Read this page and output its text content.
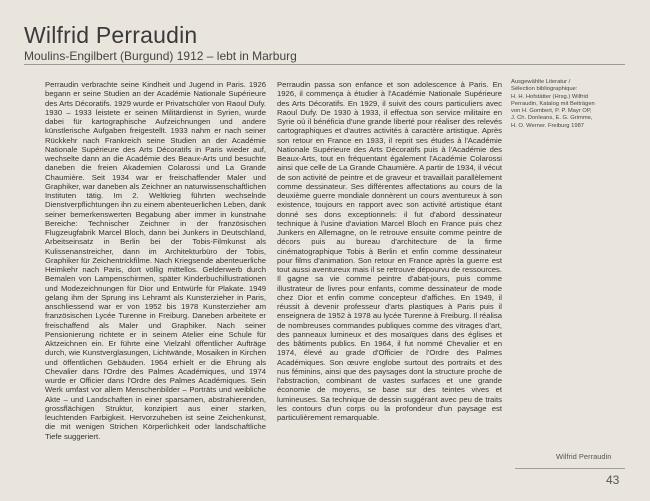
Wilfrid Perraudin
Moulins-Engilbert (Burgund) 1912 – lebt in Marburg
Perraudin verbrachte seine Kindheit und Jugend in Paris. 1926 begann er seine Studien an der Académie Nationale Supérieure des Arts Décoratifs. 1929 wurde er Privatschüler von Raoul Dufy. 1930 – 1933 leistete er seinen Militärdienst in Syrien, wurde dabei für kartographische Aufzeichnungen und andere künstlerische Aufgaben freigestellt. 1933 nahm er nach seiner Rückkehr nach Frankreich seine Studien an der Académie Nationale Supérieure des Arts Décoratifs in Paris wieder auf, wechselte dann an die Académie des Beaux-Arts und besuchte daneben die freien Akademien Colarossi und La Grande Chaumière. Seit 1934 war er freischaffender Maler und Graphiker, war daneben als Zeichner an naturwissenschaftlichen Instituten tätig. Im 2. Weltkrieg führten wechselnde Dienstverpflichtungen ihn zu einem abenteuerlichen Leben, dank seiner bemerkenswerten Begabung aber immer in kunstnahe Bereiche: Technischer Zeichner in der französischen Flugzeugfabrik Marcel Bloch, dann bei Junkers in Deutschland, Arbeitseinsatz in Berlin bei der Tobis-Filmkunst als Kulissenanstreicher, dann im Architekturbüro der Tobis, Graphiker für Zeichentrickfilme. Nach Kriegsende abenteuerliche Heimkehr nach Paris, dort völlig mittellos. Gelderwerb durch Bemalen von Lampenschirmen, später Kinderbuchillustrationen und Modezeichnungen für Dior und Entwürfe für Plakate. 1949 gelang ihm der Sprung ins Lehramt als Kunsterzieher in Paris, anschliessend war er von 1952 bis 1978 Kunsterzieher am französischen Lycée Turenne in Freiburg. Daneben arbeitete er freischaffend als Maler und Graphiker. Nach seiner Pensionierung richtete er in seinem Atelier eine Schule für Aktzeichnen ein. Er führte eine Vielzahl öffentlicher Aufträge durch, wie Kunstverglasungen, Lichtwände, Mosaiken in Kirchen und öffentlichen Gebäuden. 1964 erhielt er die Ehrung als Chevalier dans l'Ordre des Palmes Académiques, und 1974 wurde er Officier dans l'Ordre des Palmes Académiques. Sein Werk umfast vor allem Menschenbilder – Porträts und weibliche Akte – und Landschaften in einer sparsamen, abstrahierenden, grossflächigen Struktur, konzipiert aus einer starken, leuchtenden Farbigkeit. Hervorzuheben ist seine Zeichenkunst, die mit wenigen Strichen Körperlichkeit oder landschaftliche Tiefe suggeriert.
Perraudin passa son enfance et son adolescence à Paris. En 1926, il commença à étudier à l'Académie Nationale Supérieure des Arts Décoratifs. En 1929, il suivit des cours particuliers avec Raoul Dufy. De 1930 à 1933, il effectua son service militaire en Syrie où il bénéficia d'une grande liberté pour réaliser des relevés cartographiques et d'autres activités à caractère artistique. Après son retour en France en 1933, il reprit ses études à l'Académie Nationale Supérieure des Arts Décoratifs puis à l'Académie des Beaux-Arts, tout en fréquentant également l'Académie Colarossi ainsi que celle de La Grande Chaumière. A partir de 1934, il vécut de son activité de peintre et de graveur et travaillait parallèlement comme dessinateur. Ses différentes affectations au cours de la deuxième guerre mondiale donnèrent un cours aventureux à son existence, toujours en rapport avec son activité artistique étant donné ses dons exceptionnels: il fut d'abord dessinateur technique à l'usine d'aviation Marcel Bloch en France puis chez Junkers en Allemagne, on le retrouve ensuite comme peintre de décors puis au bureau d'architecture de la firme cinématographique Tobis à Berlin et enfin comme dessinateur pour films d'animation. Son retour en France après la guerre est tout aussi aventureux mais il se retrouve dépourvu de ressources. Il gagne sa vie comme peintre d'abat-jours, puis comme illustrateur de livres pour enfants, comme dessinateur de mode chez Dior et enfin comme concepteur d'affiches. En 1949, il réussit à devenir professeur d'arts plastiques à Paris puis il enseignera de 1952 à 1978 au lycée Turenne à Freiburg. Il réalisa de nombreuses commandes publiques comme des vitrages d'art, des panneaux lumineux et des mosaïques dans des églises et des bâtiments publics. En 1964, il fut nommé Chevalier et en 1974, élevé au grade d'Officier de l'Ordre des Palmes Académiques. Son œuvre englobe surtout des portraits et des nus féminins, ainsi que des paysages dont la structure proche de l'abstraction, combinant de vastes surfaces et une grande économie de moyens, se base sur des teintes vives et lumineuses. Sa technique de dessin suggérant avec peu de traits les contours d'un corps ou la profondeur d'un paysage est particulièrement remarquable.
Ausgewählte Literatur /
Sélection bibliographique:
H. H. Hofstätter (Hrsg.) Wilfrid
Perraudin, Katalog mit Beiträgen
von H. Gombert, P. P. Mayr OP,
J. Ch. Donleans, E. G. Grimme,
H. O. Werner. Freiburg 1987
Wilfrid Perraudin
43
